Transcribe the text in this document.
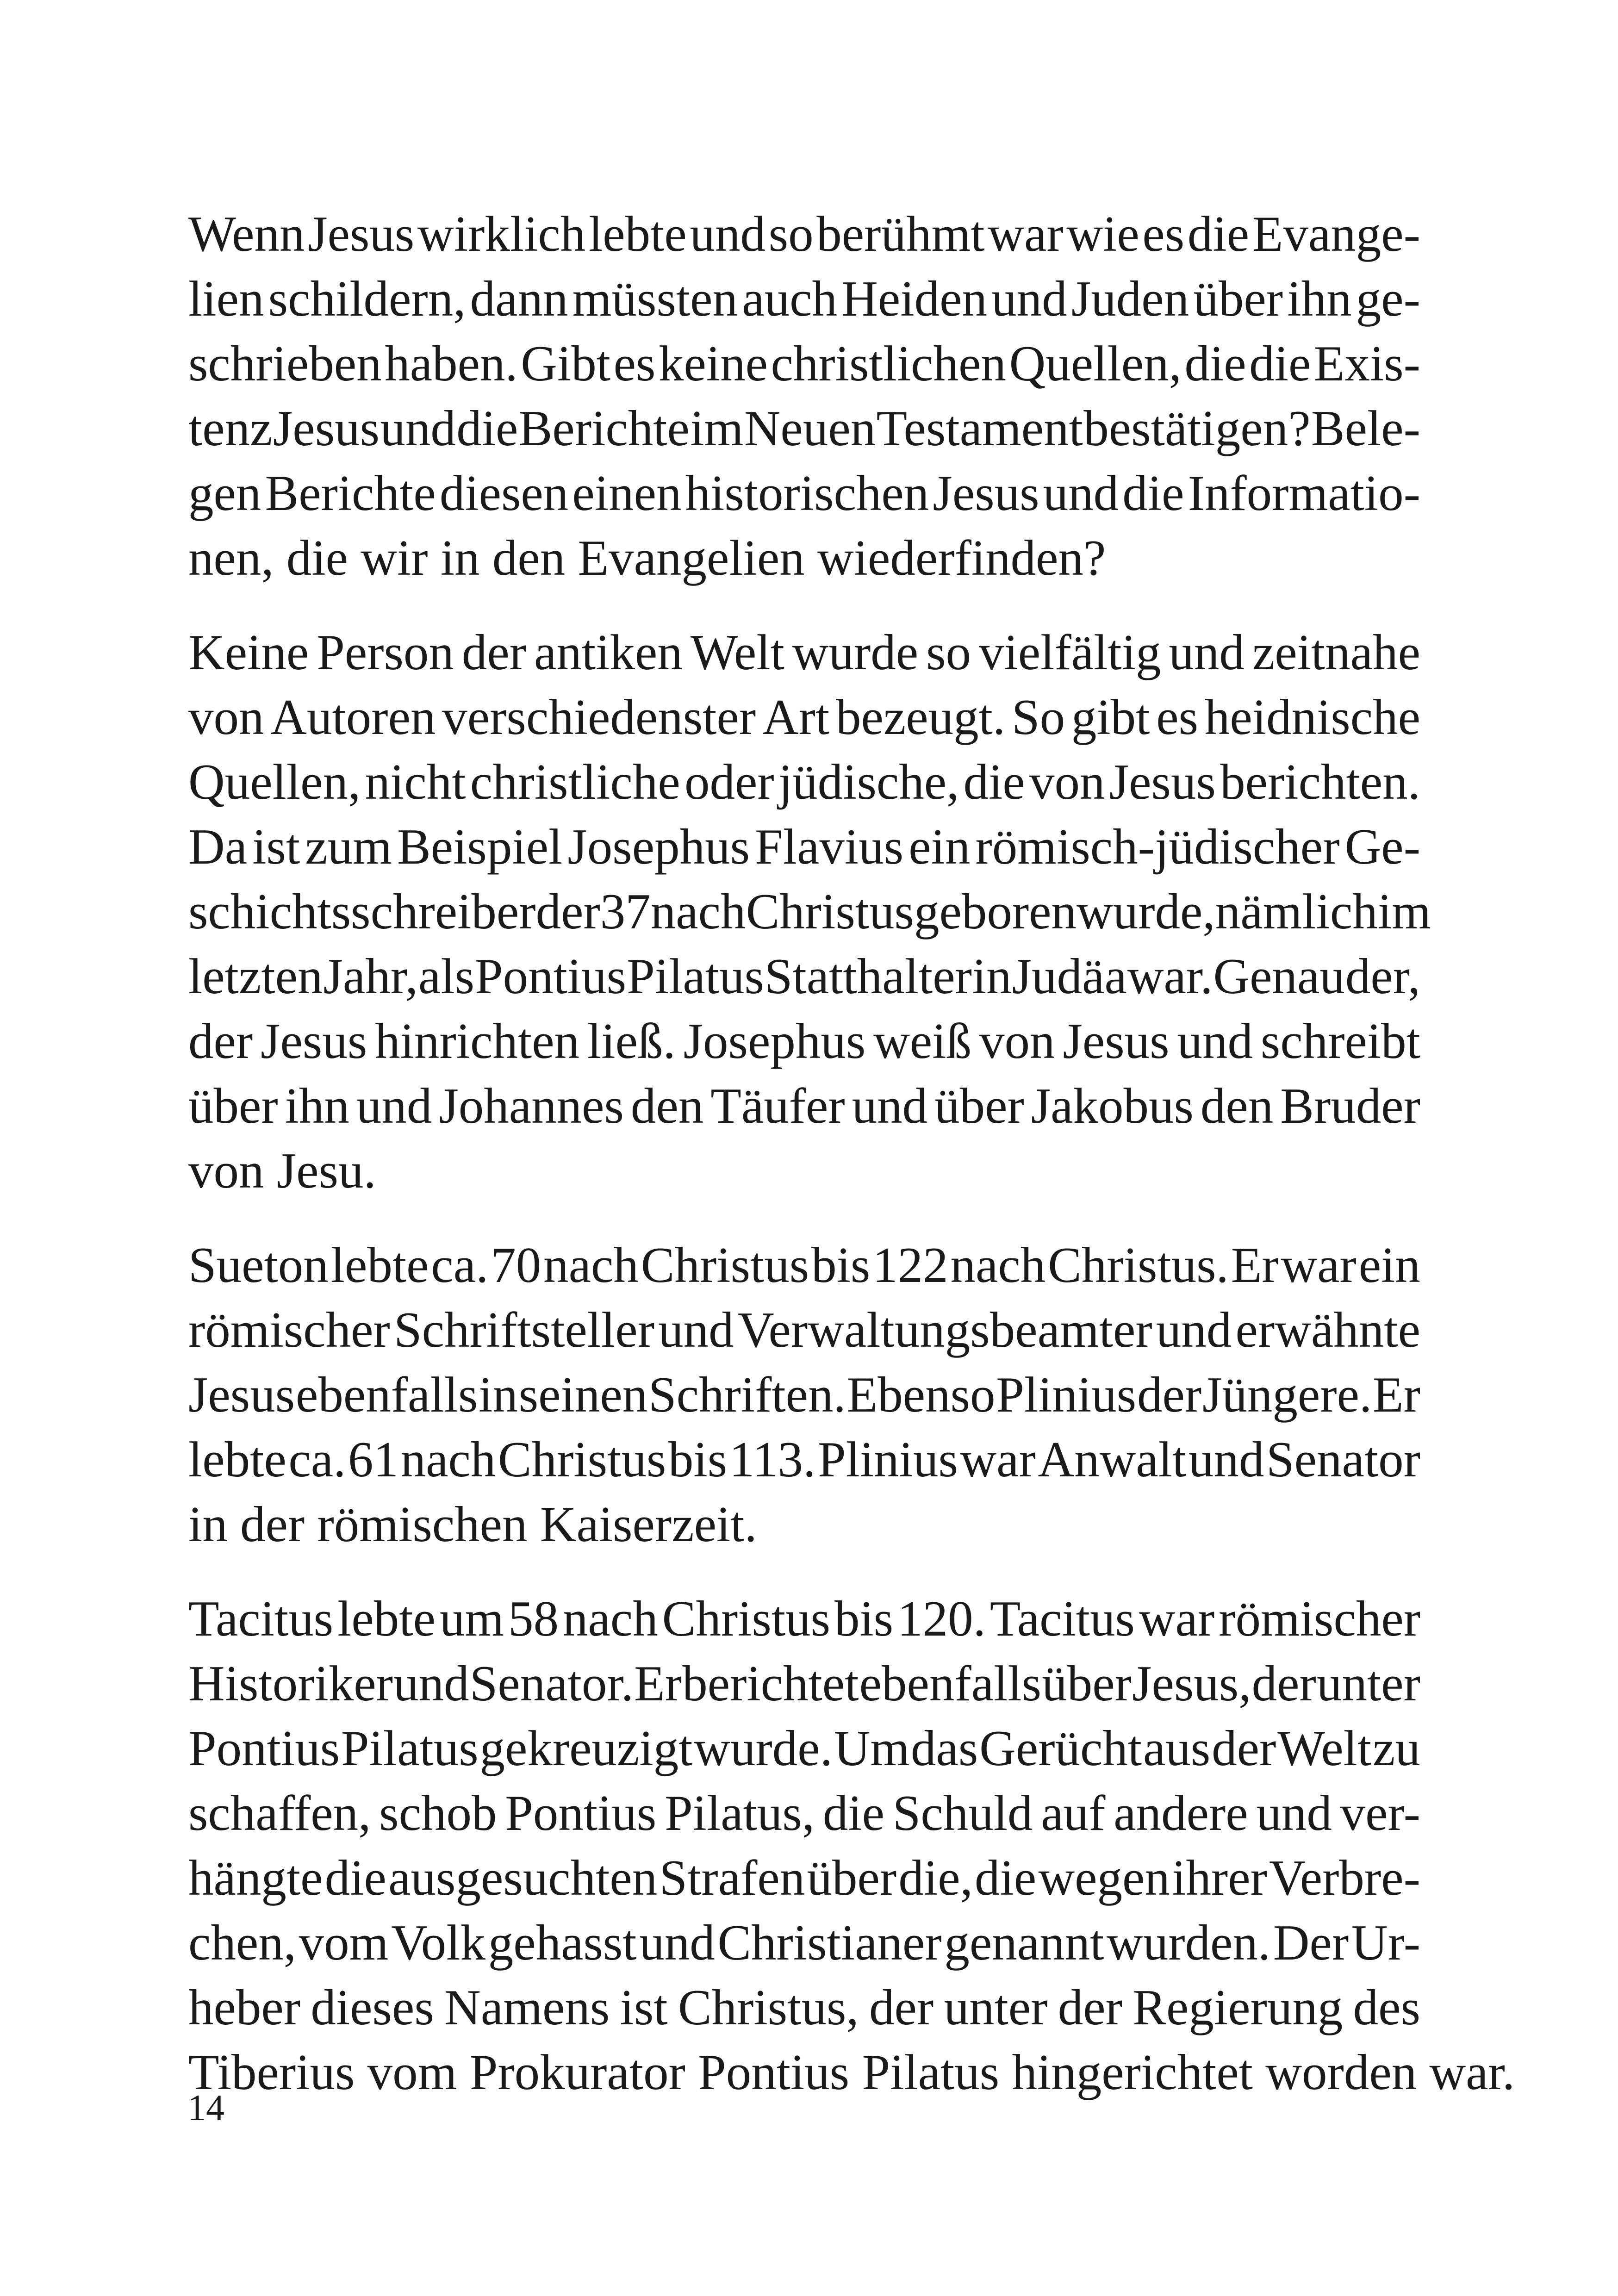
Wenn Jesus wirklich lebte und so berühmt war wie es die Evange-
lien schildern, dann müssten auch Heiden und Juden über ihn ge-
schrieben haben. Gibt es keine christlichen Quellen, die die Exis-
tenz Jesus und die Berichte im Neuen Testament bestätigen? Bele-
gen Berichte diesen einen historischen Jesus und die Informatio-
nen, die wir in den Evangelien wiederfinden?

Keine Person der antiken Welt wurde so vielfältig und zeitnahe
von Autoren verschiedenster Art bezeugt. So gibt es heidnische
Quellen, nicht christliche oder jüdische, die von Jesus berichten.
Da ist zum Beispiel Josephus Flavius ein römisch-jüdischer Ge-
schichtsschreiber der 37 nach Christus geboren wurde, nämlich im
letzten Jahr, als Pontius Pilatus Statthalter in Judäa war. Genau der,
der Jesus hinrichten ließ. Josephus weiß von Jesus und schreibt
über ihn und Johannes den Täufer und über Jakobus den Bruder
von Jesu.

Sueton lebte ca. 70 nach Christus bis 122 nach Christus. Er war ein
römischer Schriftsteller und Verwaltungsbeamter und erwähnte
Jesus ebenfalls in seinen Schriften. Ebenso Plinius der Jüngere. Er
lebte ca. 61 nach Christus bis 113. Plinius war Anwalt und Senator
in der römischen Kaiserzeit.

Tacitus lebte um 58 nach Christus bis 120. Tacitus war römischer
Historiker und Senator. Er berichtet ebenfalls über Jesus, der unter
Pontius Pilatus gekreuzigt wurde. Um das Gerücht aus der Welt zu
schaffen, schob Pontius Pilatus, die Schuld auf andere und ver-
hängte die ausgesuchten Strafen über die, die wegen ihrer Verbre-
chen, vom Volk gehasst und Christianer genannt wurden. Der Ur-
heber dieses Namens ist Christus, der unter der Regierung des
Tiberius vom Prokurator Pontius Pilatus hingerichtet worden war.

14
